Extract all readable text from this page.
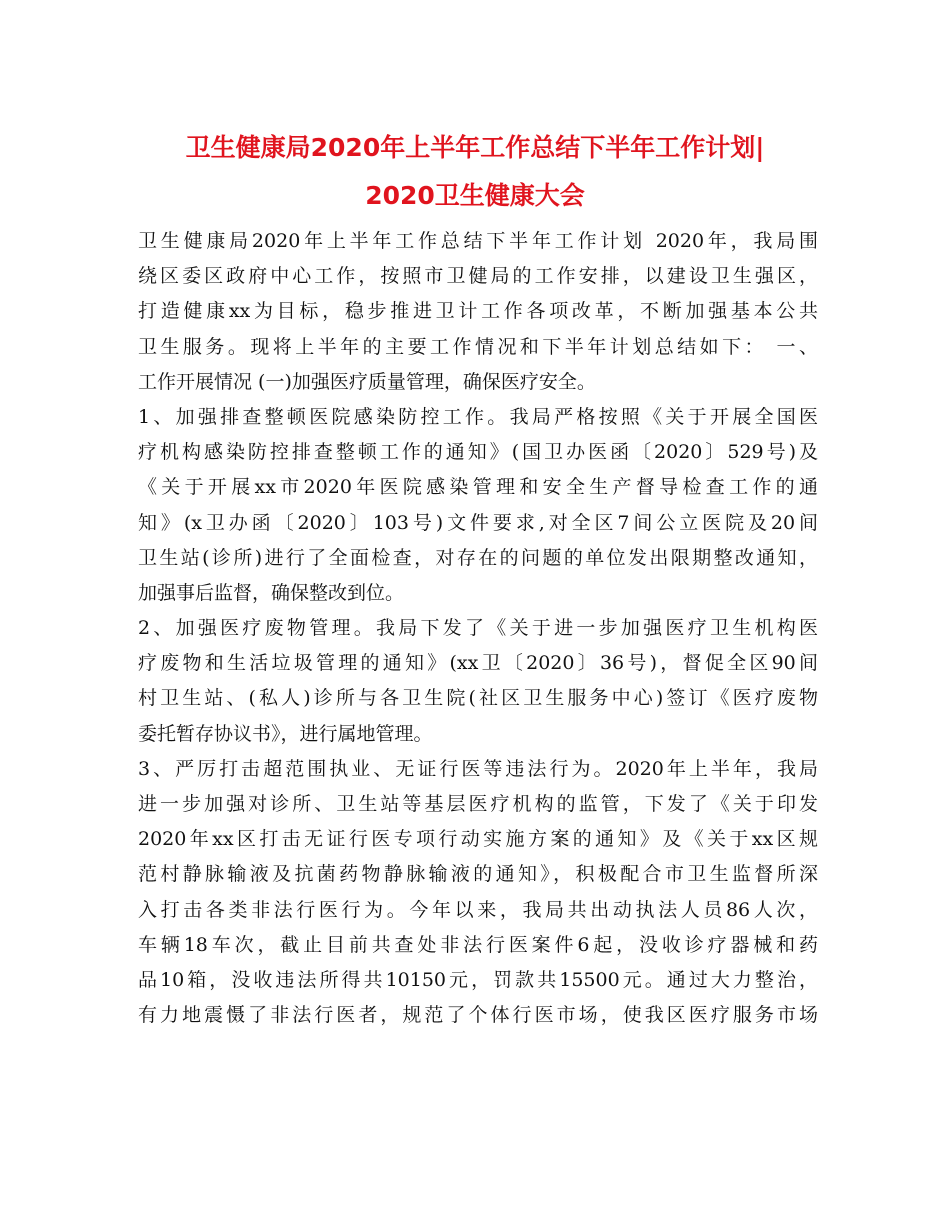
卫生健康局2020年上半年工作总结下半年工作计划|
2020卫生健康大会
卫生健康局2020年上半年工作总结下半年工作计划 2020年，我局围
绕区委区政府中心工作，按照市卫健局的工作安排，以建设卫生强区，
打造健康xx为目标，稳步推进卫计工作各项改革，不断加强基本公共
卫生服务。现将上半年的主要工作情况和下半年计划总结如下： 一、
工作开展情况 (一)加强医疗质量管理，确保医疗安全。
1、加强排查整顿医院感染防控工作。我局严格按照《关于开展全国医
疗机构感染防控排查整顿工作的通知》(国卫办医函〔2020〕529号)及
《关于开展xx市2020年医院感染管理和安全生产督导检查工作的通
知》(x卫办函〔2020〕103号)文件要求,对全区7间公立医院及20间
卫生站(诊所)进行了全面检查，对存在的问题的单位发出限期整改通知，
加强事后监督，确保整改到位。
2、加强医疗废物管理。我局下发了《关于进一步加强医疗卫生机构医
疗废物和生活垃圾管理的通知》(xx卫〔2020〕36号)，督促全区90间
村卫生站、(私人)诊所与各卫生院(社区卫生服务中心)签订《医疗废物
委托暂存协议书》，进行属地管理。
3、严厉打击超范围执业、无证行医等违法行为。2020年上半年，我局
进一步加强对诊所、卫生站等基层医疗机构的监管，下发了《关于印发
2020年xx区打击无证行医专项行动实施方案的通知》及《关于xx区规
范村静脉输液及抗菌药物静脉输液的通知》，积极配合市卫生监督所深
入打击各类非法行医行为。今年以来，我局共出动执法人员86人次，
车辆18车次，截止目前共查处非法行医案件6起，没收诊疗器械和药
品10箱，没收违法所得共10150元，罚款共15500元。通过大力整治，
有力地震慑了非法行医者，规范了个体行医市场，使我区医疗服务市场
